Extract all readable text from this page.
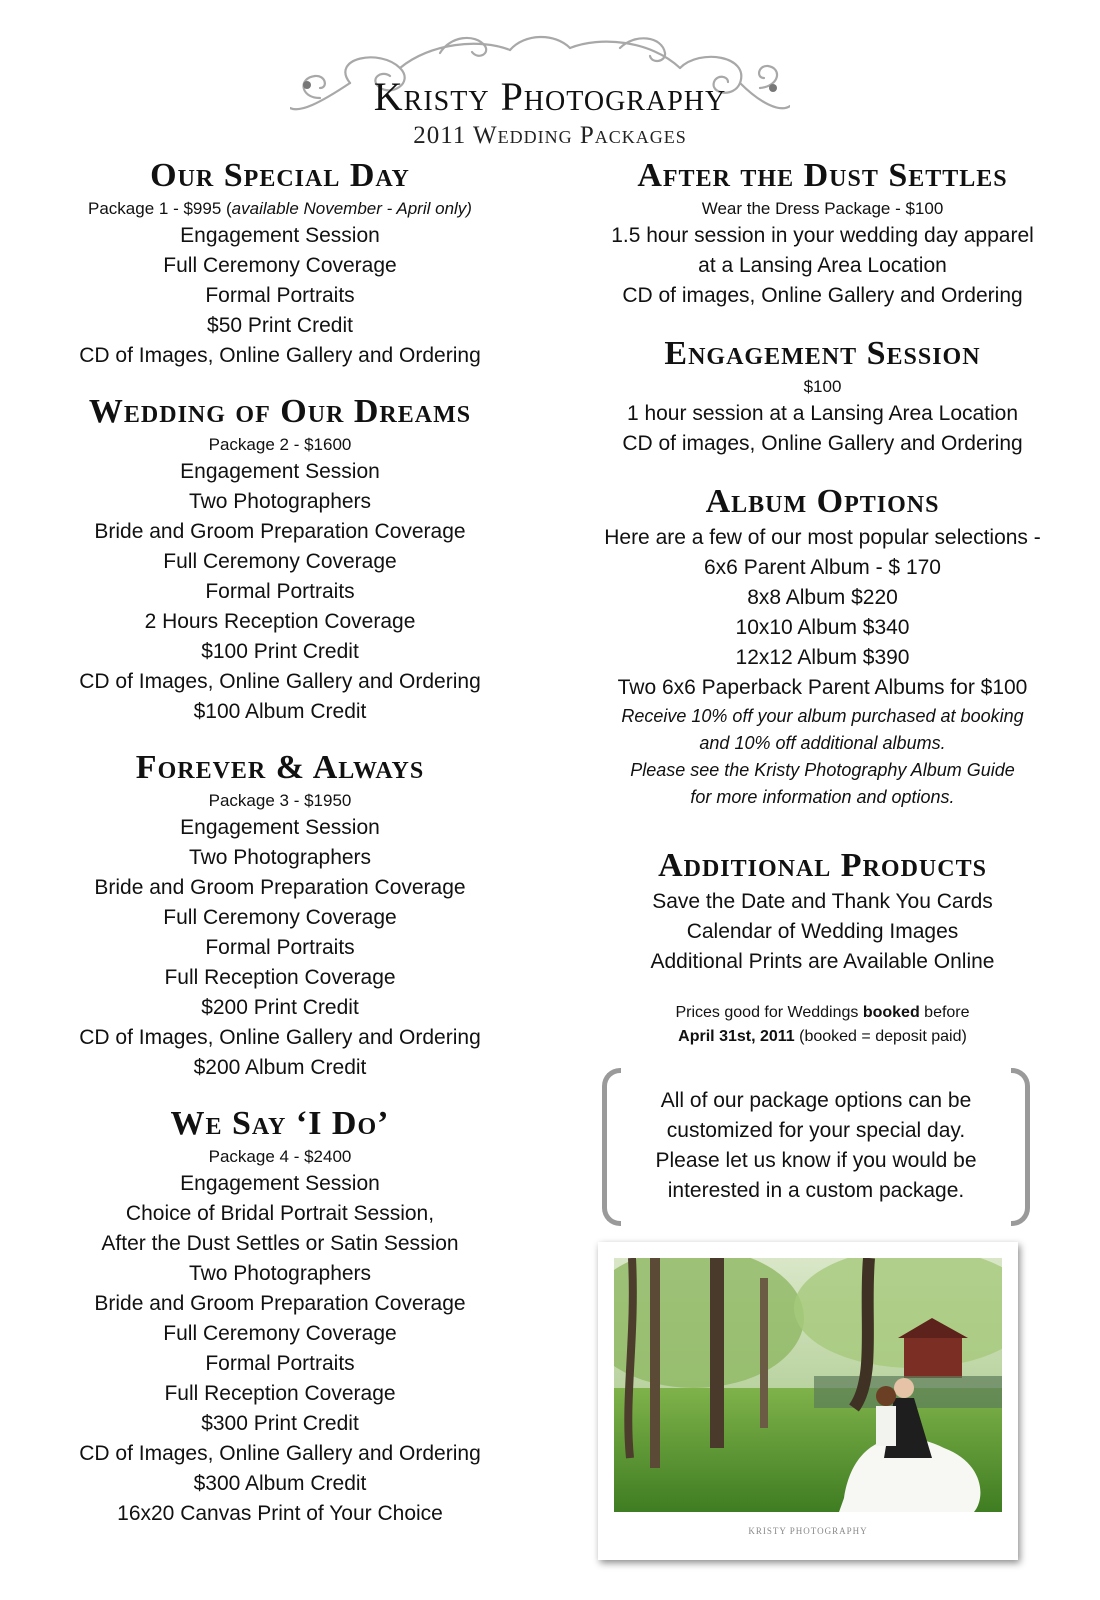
Kristy Photography
2011 Wedding Packages
Our Special Day

Package 1 - $995 (available November - April only)

Engagement Session

Full Ceremony Coverage

Formal Portraits

$50 Print Credit

CD of Images, Online Gallery and Ordering

Wedding of Our Dreams

Package 2 - $1600

Engagement Session

Two Photographers

Bride and Groom Preparation Coverage

Full Ceremony Coverage

Formal Portraits

2 Hours Reception Coverage

$100 Print Credit

CD of Images, Online Gallery and Ordering

$100 Album Credit

Forever & Always

Package 3 - $1950

Engagement Session

Two Photographers

Bride and Groom Preparation Coverage

Full Ceremony Coverage

Formal Portraits

Full Reception Coverage

$200 Print Credit

CD of Images, Online Gallery and Ordering

$200 Album Credit

We Say ‘I Do’

Package 4 - $2400

Engagement Session

Choice of Bridal Portrait Session,

After the Dust Settles or Satin Session

Two Photographers

Bride and Groom Preparation Coverage

Full Ceremony Coverage

Formal Portraits

Full Reception Coverage

$300 Print Credit

CD of Images, Online Gallery and Ordering

$300 Album Credit

16x20 Canvas Print of Your Choice

After the Dust Settles

Wear the Dress Package - $100

1.5 hour session in your wedding day apparel

at a Lansing Area Location

CD of images, Online Gallery and Ordering

Engagement Session

$100

1 hour session at a Lansing Area Location

CD of images, Online Gallery and Ordering

Album Options

Here are a few of our most popular selections -

6x6 Parent Album - $ 170

8x8 Album $220

10x10 Album $340

12x12 Album $390

Two 6x6 Paperback Parent Albums for $100

Receive 10% off your album purchased at booking

and 10% off additional albums.

Please see the Kristy Photography Album Guide

for more information and options.

Additional Products

Save the Date and Thank You Cards

Calendar of Wedding Images

Additional Prints are Available Online

Prices good for Weddings booked before

April 31st, 2011 (booked = deposit paid)

All of our package options can be
customized for your special day.
Please let us know if you would be
interested in a custom package.
KRISTY PHOTOGRAPHY
